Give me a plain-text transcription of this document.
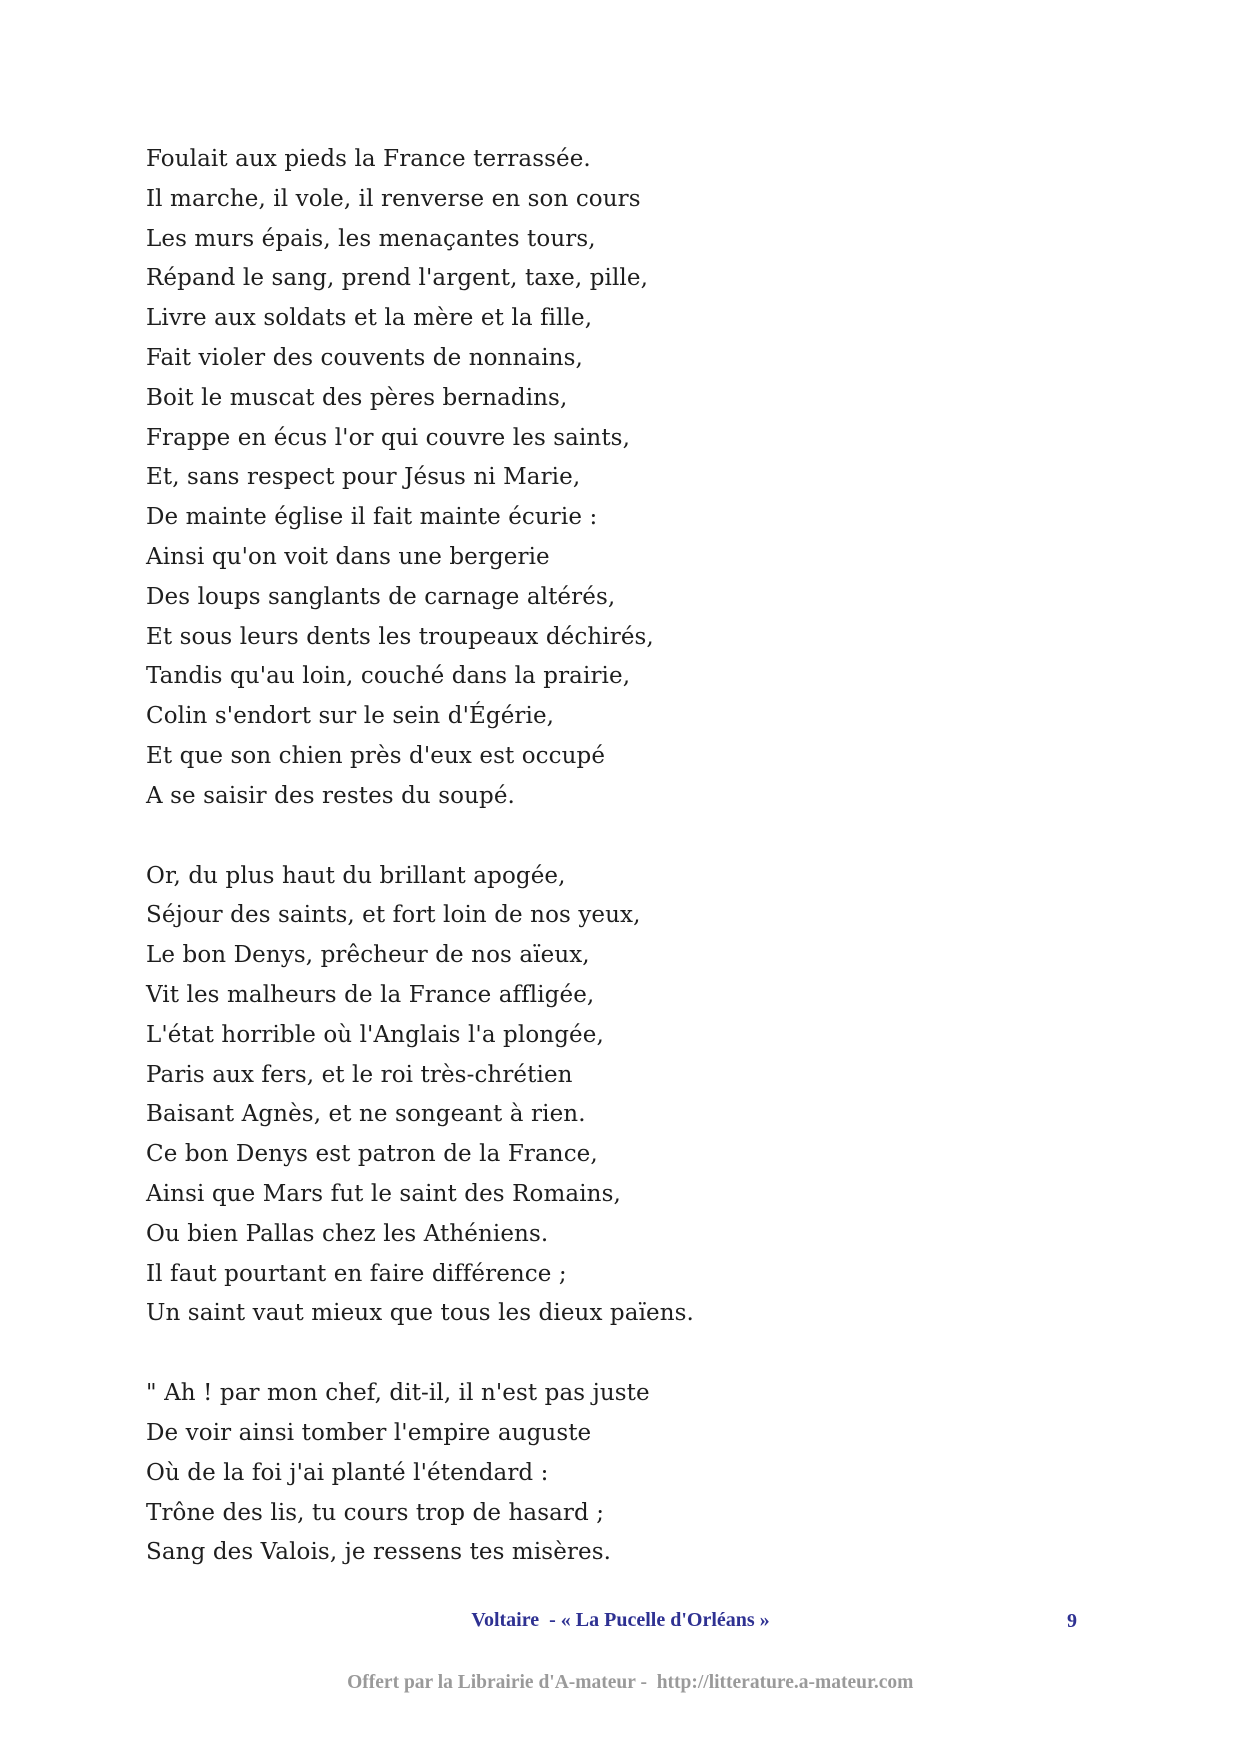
Foulait aux pieds la France terrassée.

Il marche, il vole, il renverse en son cours

Les murs épais, les menaçantes tours,

Répand le sang, prend l'argent, taxe, pille,

Livre aux soldats et la mère et la fille,

Fait violer des couvents de nonnains,

Boit le muscat des pères bernadins,

Frappe en écus l'or qui couvre les saints,

Et, sans respect pour Jésus ni Marie,

De mainte église il fait mainte écurie :

Ainsi qu'on voit dans une bergerie

Des loups sanglants de carnage altérés,

Et sous leurs dents les troupeaux déchirés,

Tandis qu'au loin, couché dans la prairie,

Colin s'endort sur le sein d'Égérie,

Et que son chien près d'eux est occupé

A se saisir des restes du soupé.

Or, du plus haut du brillant apogée,

Séjour des saints, et fort loin de nos yeux,

Le bon Denys, prêcheur de nos aïeux,

Vit les malheurs de la France affligée,

L'état horrible où l'Anglais l'a plongée,

Paris aux fers, et le roi très-chrétien

Baisant Agnès, et ne songeant à rien.

Ce bon Denys est patron de la France,

Ainsi que Mars fut le saint des Romains,

Ou bien Pallas chez les Athéniens.

Il faut pourtant en faire différence ;

Un saint vaut mieux que tous les dieux païens.

" Ah ! par mon chef, dit-il, il n'est pas juste

De voir ainsi tomber l'empire auguste

Où de la foi j'ai planté l'étendard :

Trône des lis, tu cours trop de hasard ;

Sang des Valois, je ressens tes misères.

Voltaire  - « La Pucelle d'Orléans »	9

Offert par la Librairie d'A-mateur -  http://litterature.a-mateur.com
